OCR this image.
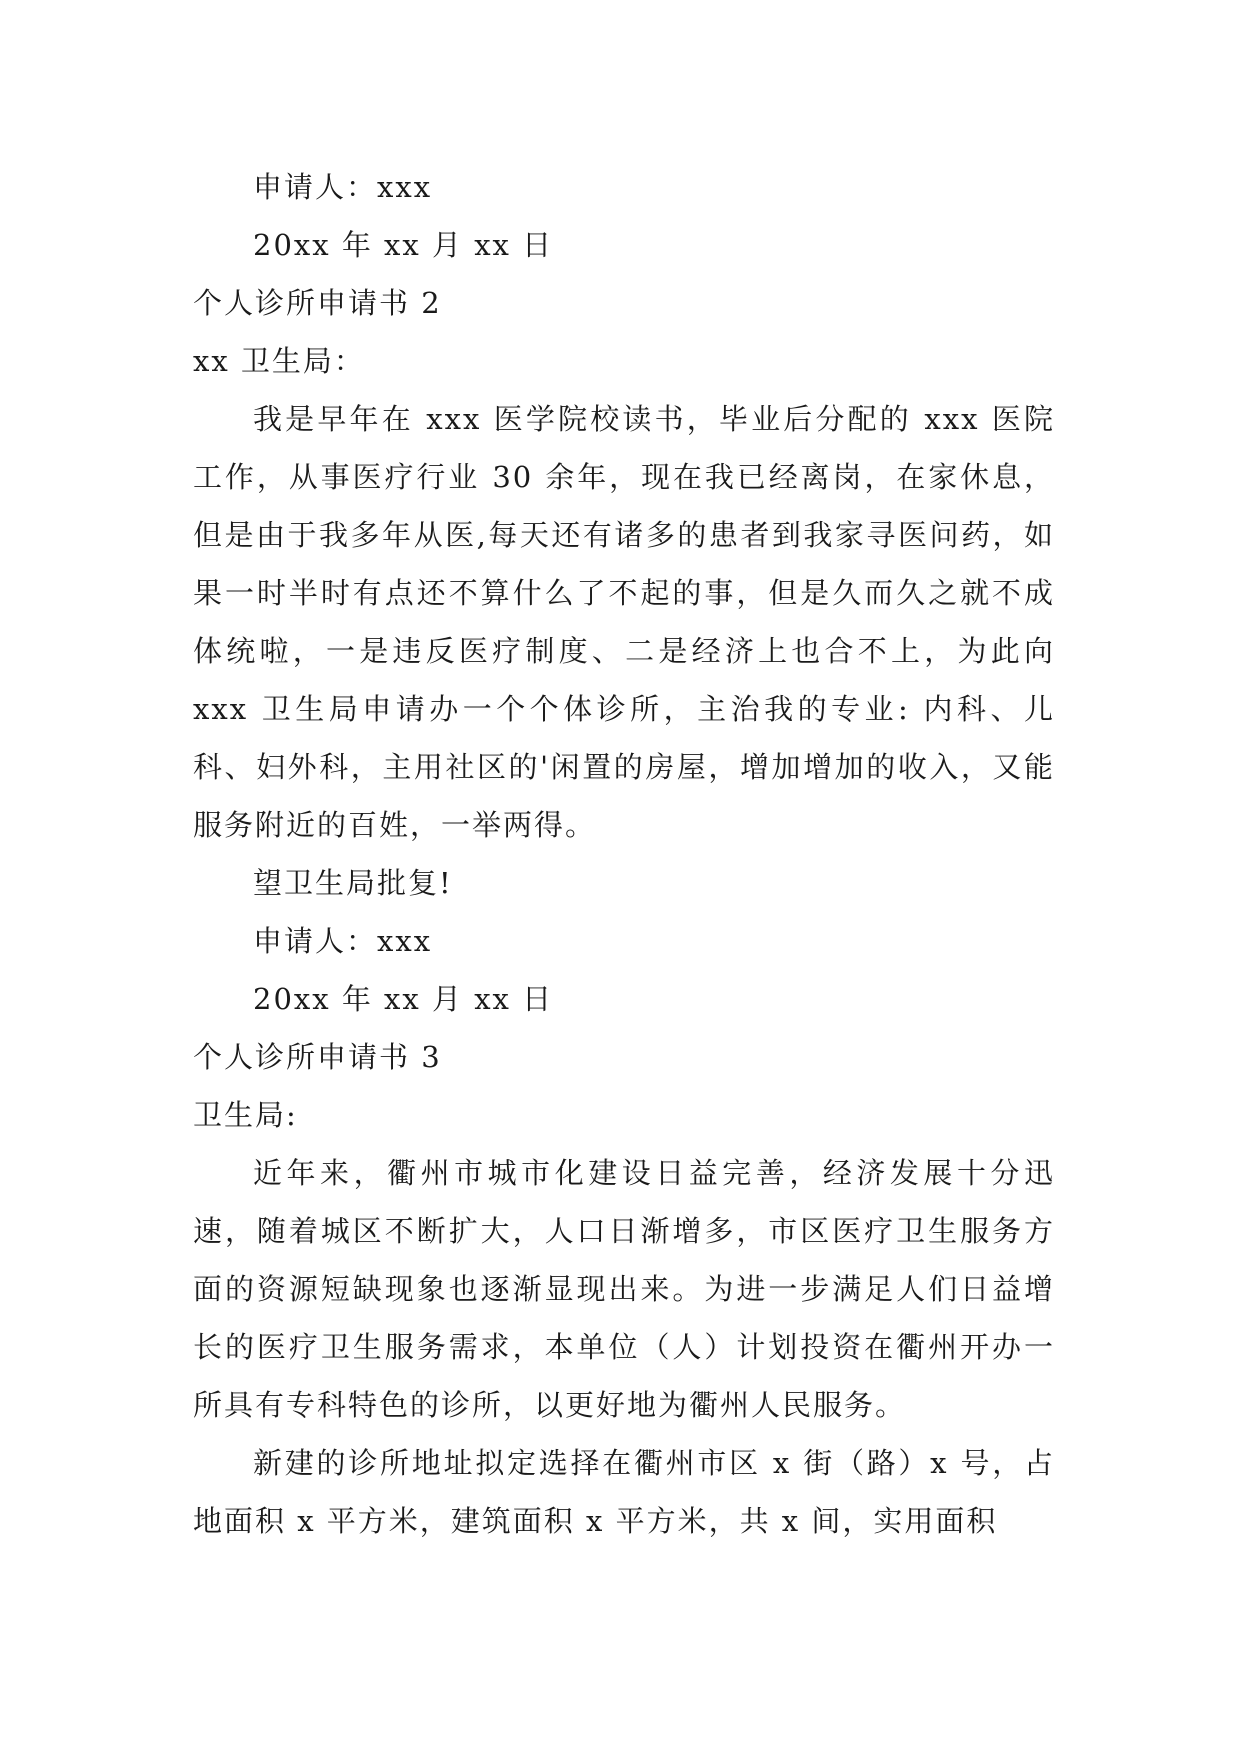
申请人：xxx
20xx 年 xx 月 xx 日
个人诊所申请书 2
xx 卫生局：

我是早年在 xxx 医学院校读书，毕业后分配的 xxx 医院工作，从事医疗行业 30 余年，现在我已经离岗，在家休息，但是由于我多年从医,每天还有诸多的患者到我家寻医问药，如果一时半时有点还不算什么了不起的事，但是久而久之就不成体统啦，一是违反医疗制度、二是经济上也合不上，为此向 xxx 卫生局申请办一个个体诊所，主治我的专业: 内科、儿科、妇外科，主用社区的'闲置的房屋，增加增加的收入，又能服务附近的百姓，一举两得。

望卫生局批复!
申请人：xxx
20xx 年 xx 月 xx 日
个人诊所申请书 3
卫生局:

近年来，衢州市城市化建设日益完善，经济发展十分迅速，随着城区不断扩大，人口日渐增多，市区医疗卫生服务方面的资源短缺现象也逐渐显现出来。为进一步满足人们日益增长的医疗卫生服务需求，本单位（人）计划投资在衢州开办一所具有专科特色的诊所，以更好地为衢州人民服务。

新建的诊所地址拟定选择在衢州市区 x 街（路）x 号，占地面积 x 平方米，建筑面积 x 平方米，共 x 间，实用面积
